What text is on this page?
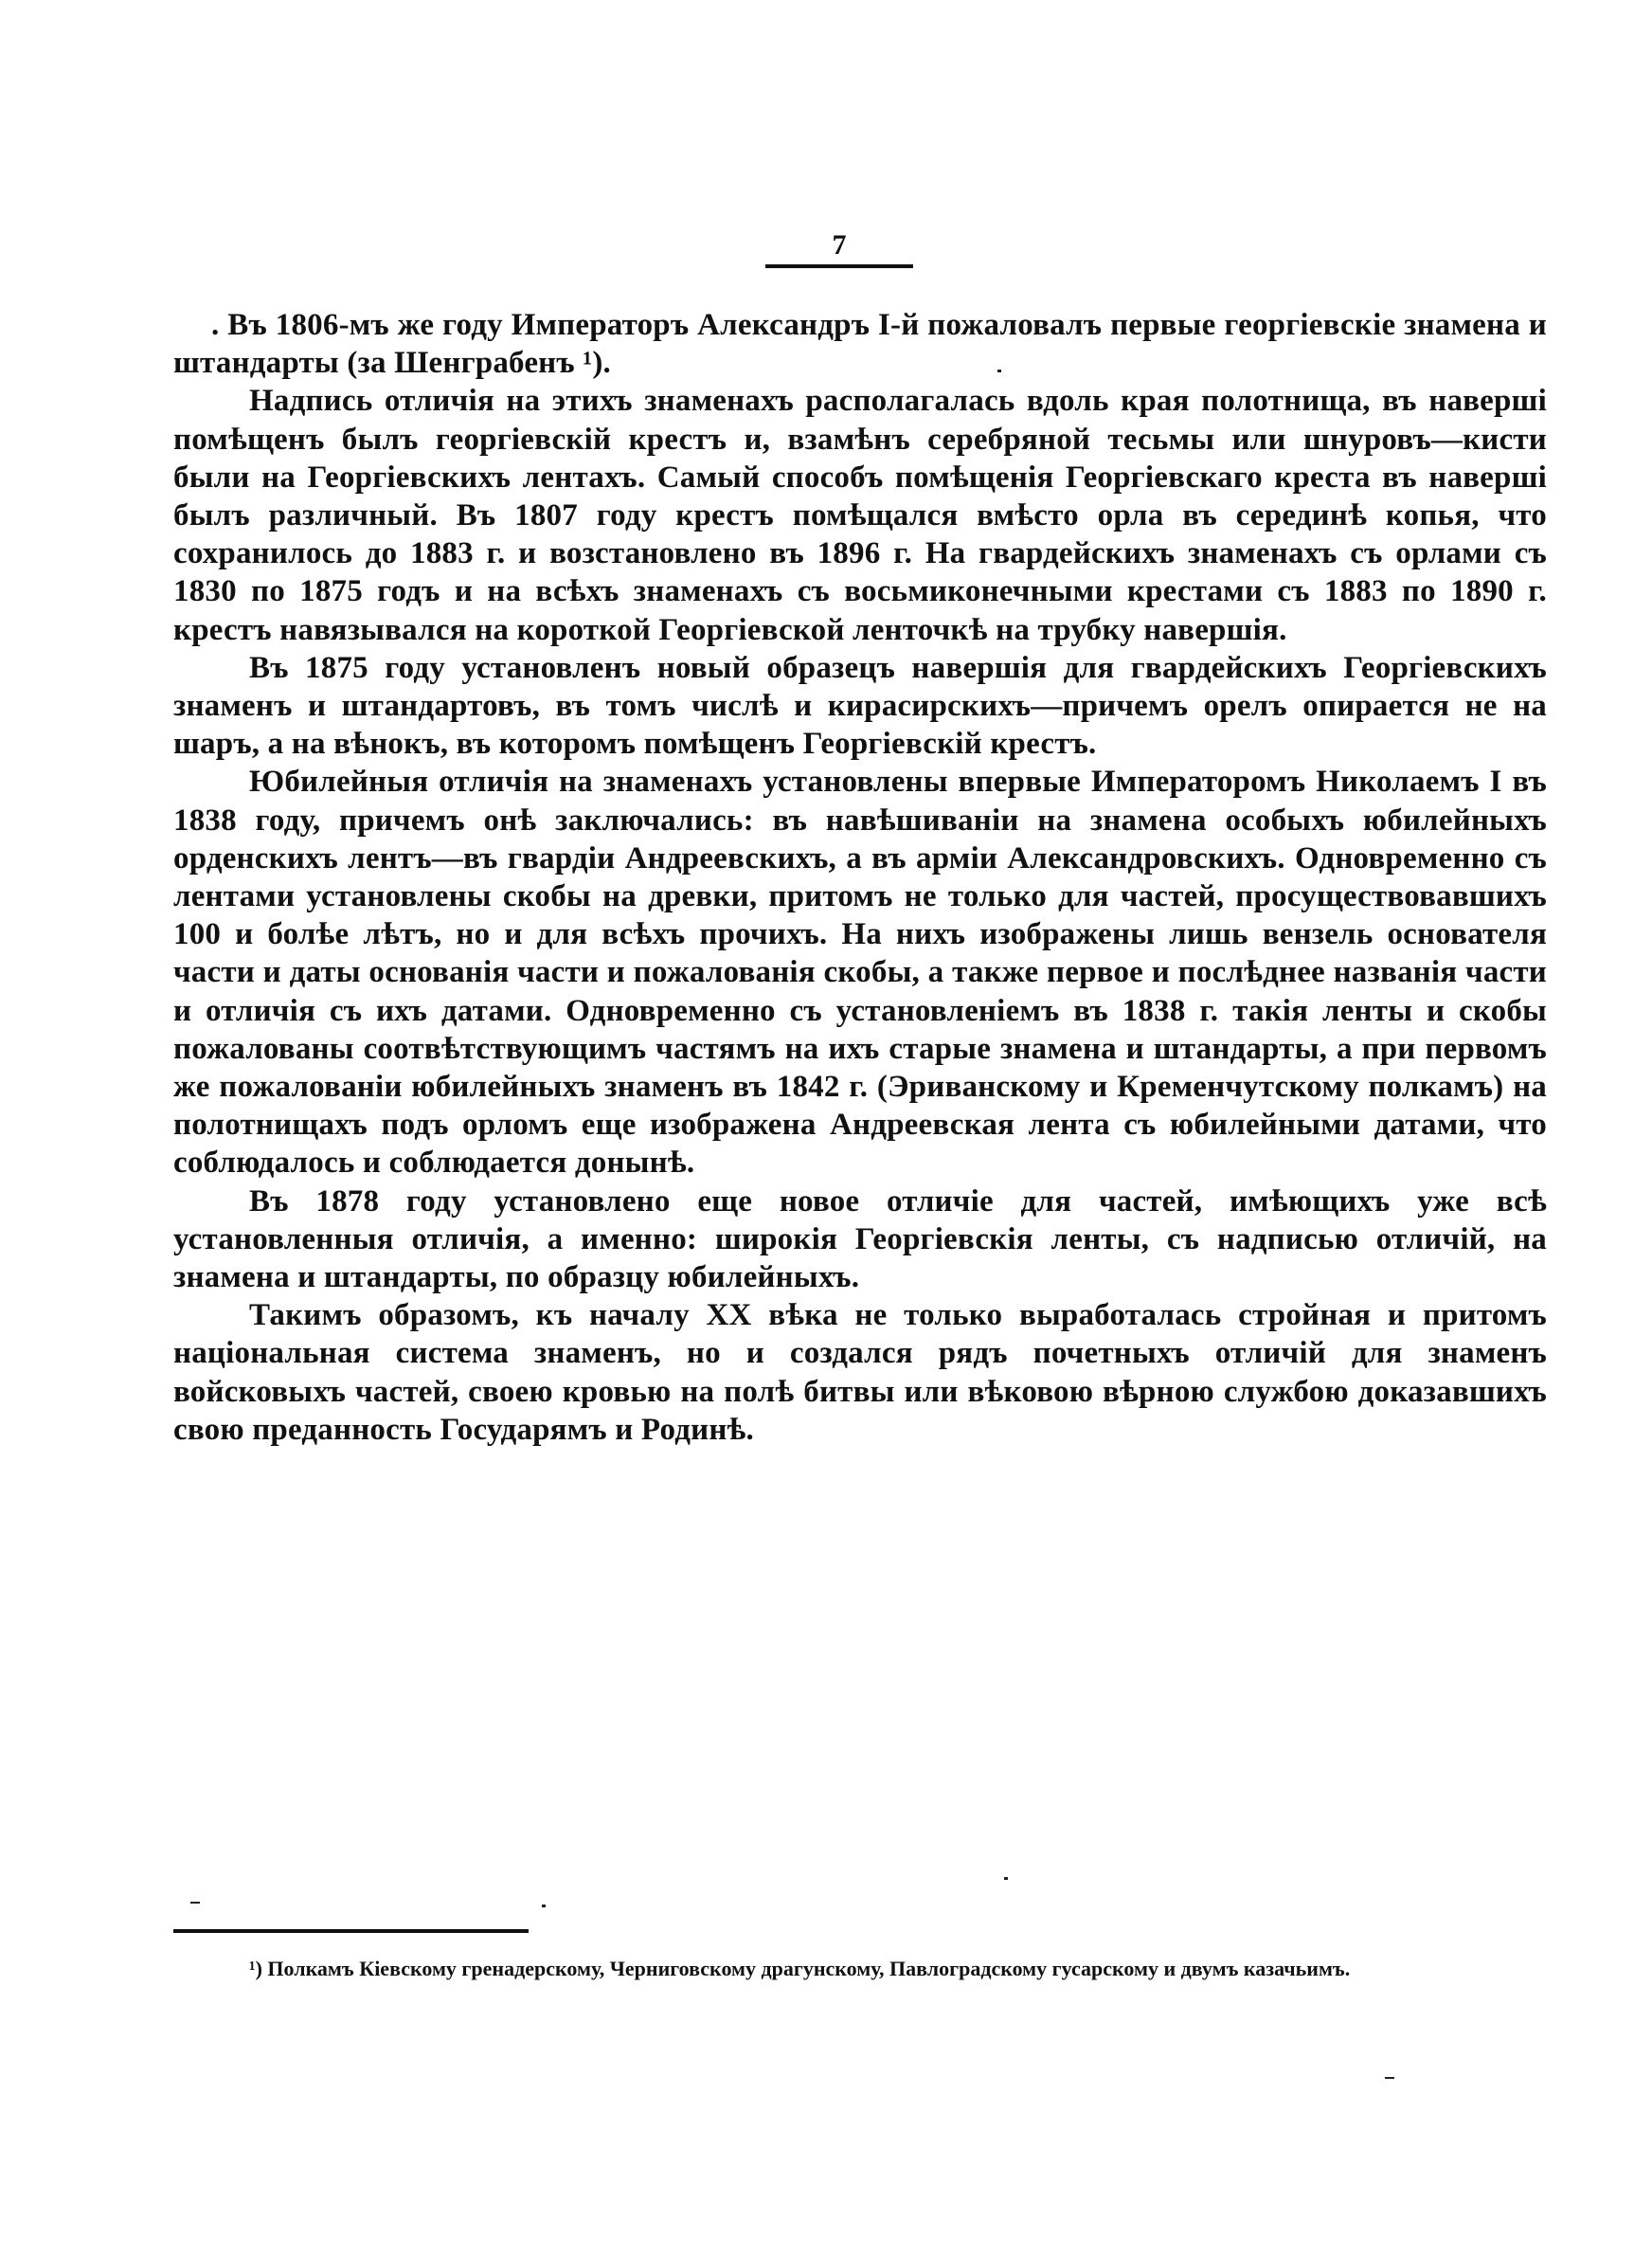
7

. Въ 1806-мъ же году Императоръ Александръ I-й пожаловалъ первые георгіевскіе знамена и штандарты (за Шенграбенъ ¹).

Надпись отличія на этихъ знаменахъ располагалась вдоль края полотнища, въ наверші помѣщенъ былъ георгіевскій крестъ и, взамѣнъ серебряной тесьмы или шнуровъ—кисти были на Георгіевскихъ лентахъ. Самый способъ помѣщенія Георгіевскаго креста въ наверші былъ различный. Въ 1807 году крестъ помѣщался вмѣсто орла въ серединѣ копья, что сохранилось до 1883 г. и возстановлено въ 1896 г. На гвардейскихъ знаменахъ съ орлами съ 1830 по 1875 годъ и на всѣхъ знаменахъ съ восьмиконечными крестами съ 1883 по 1890 г. крестъ навязывался на короткой Георгіевской ленточкѣ на трубку навершія.

Въ 1875 году установленъ новый образецъ навершія для гвардейскихъ Георгіевскихъ знаменъ и штандартовъ, въ томъ числѣ и кирасирскихъ—причемъ орелъ опирается не на шаръ, а на вѣнокъ, въ которомъ помѣщенъ Георгіевскій крестъ.

Юбилейныя отличія на знаменахъ установлены впервые Императоромъ Николаемъ I въ 1838 году, причемъ онѣ заключались: въ навѣшиваніи на знамена особыхъ юбилейныхъ орденскихъ лентъ—въ гвардіи Андреевскихъ, а въ арміи Александровскихъ. Одновременно съ лентами установлены скобы на древки, притомъ не только для частей, просуществовавшихъ 100 и болѣе лѣтъ, но и для всѣхъ прочихъ. На нихъ изображены лишь вензель основателя части и даты основанія части и пожалованія скобы, а также первое и послѣднее названія части и отличія съ ихъ датами. Одновременно съ установленіемъ въ 1838 г. такія ленты и скобы пожалованы соотвѣтствующимъ частямъ на ихъ старые знамена и штандарты, а при первомъ же пожалованіи юбилейныхъ знаменъ въ 1842 г. (Эриванскому и Кременчутскому полкамъ) на полотнищахъ подъ орломъ еще изображена Андреевская лента съ юбилейными датами, что соблюдалось и соблюдается донынѣ.

Въ 1878 году установлено еще новое отличіе для частей, имѣющихъ уже всѣ установленныя отличія, а именно: широкія Георгіевскія ленты, съ надписью отличій, на знамена и штандарты, по образцу юбилейныхъ.

Такимъ образомъ, къ началу XX вѣка не только выработалась стройная и притомъ національная система знаменъ, но и создался рядъ почетныхъ отличій для знаменъ войсковыхъ частей, своею кровью на полѣ битвы или вѣковою вѣрною службою доказавшихъ свою преданность Государямъ и Родинѣ.

¹) Полкамъ Кіевскому гренадерскому, Черниговскому драгунскому, Павлоградскому гусарскому и двумъ казачьимъ.
